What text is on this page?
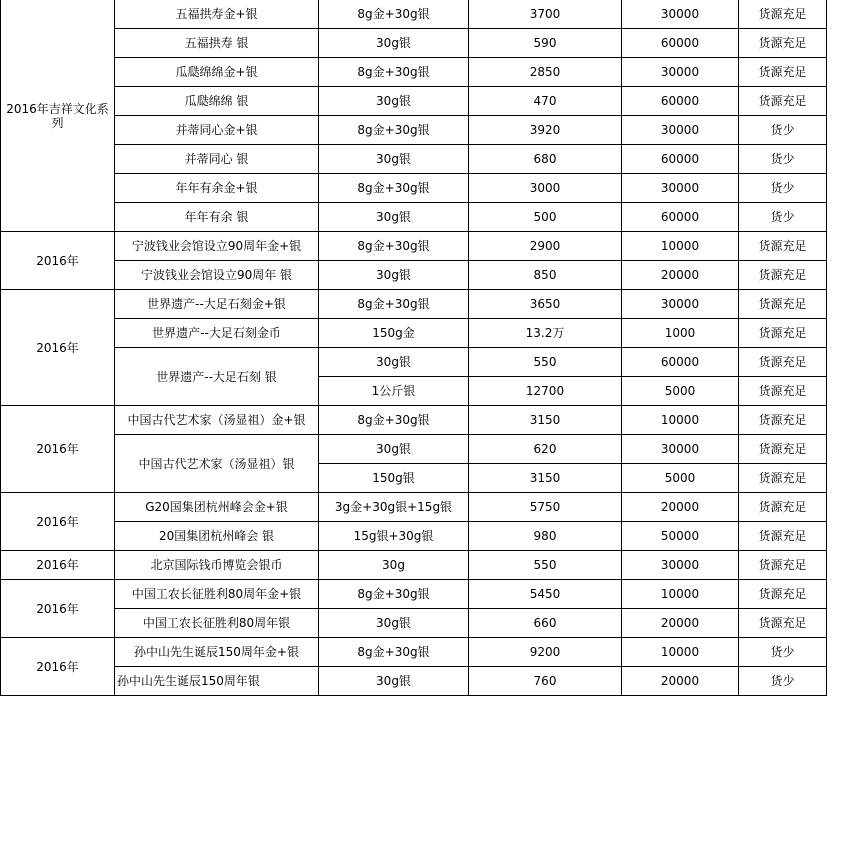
2016年吉祥文化系列	五福拱寿金+银	8g金+30g银	3700	30000	货源充足
	五福拱寿 银	30g银	590	60000	货源充足
	瓜瓞绵绵金+银	8g金+30g银	2850	30000	货源充足
	瓜瓞绵绵 银	30g银	470	60000	货源充足
	并蒂同心金+银	8g金+30g银	3920	30000	货少
	并蒂同心 银	30g银	680	60000	货少
	年年有余金+银	8g金+30g银	3000	30000	货少
	年年有余 银	30g银	500	60000	货少
2016年	宁波钱业会馆设立90周年金+银	8g金+30g银	2900	10000	货源充足
	宁波钱业会馆设立90周年 银	30g银	850	20000	货源充足
2016年	世界遗产--大足石刻金+银	8g金+30g银	3650	30000	货源充足
	世界遗产--大足石刻金币	150g金	13.2万	1000	货源充足
	世界遗产--大足石刻 银	30g银	550	60000	货源充足
		1公斤银	12700	5000	货源充足
2016年	中国古代艺术家（汤显祖）金+银	8g金+30g银	3150	10000	货源充足
	中国古代艺术家（汤显祖）银	30g银	620	30000	货源充足
		150g银	3150	5000	货源充足
2016年	G20国集团杭州峰会金+银	3g金+30g银+15g银	5750	20000	货源充足
	20国集团杭州峰会 银	15g银+30g银	980	50000	货源充足
2016年	北京国际钱币博览会银币	30g	550	30000	货源充足
2016年	中国工农长征胜利80周年金+银	8g金+30g银	5450	10000	货源充足
	中国工农长征胜利80周年银	30g银	660	20000	货源充足
2016年	孙中山先生诞辰150周年金+银	8g金+30g银	9200	10000	货少
	孙中山先生诞辰150周年银	30g银	760	20000	货少
